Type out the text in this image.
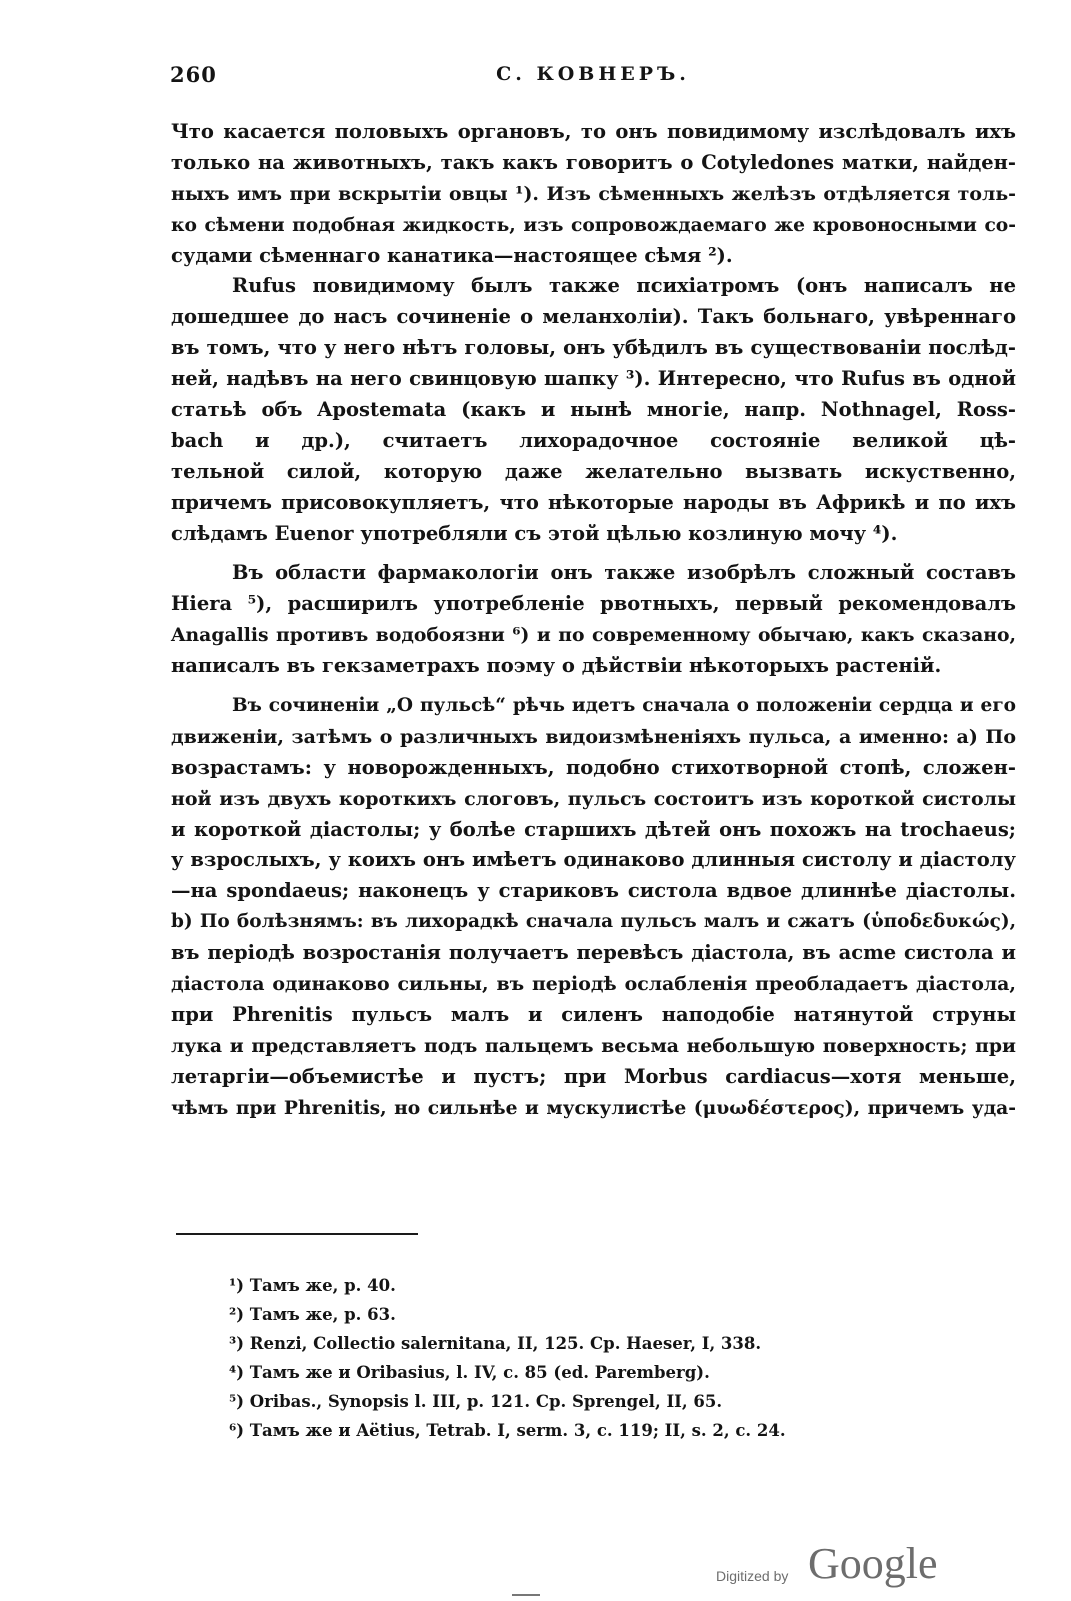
260	С. КОВНЕРЪ.
Что касается половыхъ органовъ, то онъ повидимому изслѣдовалъ ихъ
только на животныхъ, такъ какъ говоритъ о Cotyledones матки, найден-
ныхъ имъ при вскрытіи овцы ¹). Изъ сѣменныхъ желѣзъ отдѣляется толь-
ко сѣмени подобная жидкость, изъ сопровождаемаго же кровоносными со-
судами сѣменнаго канатика—настоящее сѣмя ²).
Rufus повидимому былъ также психіатромъ (онъ написалъ не
дошедшее до насъ сочиненіе о меланхоліи). Такъ больнаго, увѣреннаго
въ томъ, что у него нѣтъ головы, онъ убѣдилъ въ существованіи послѣд-
ней, надѣвъ на него свинцовую шапку ³). Интересно, что Rufus въ одной
статьѣ объ Apostemata (какъ и нынѣ многіе, напр. Nothnagel, Ross-
bach и др.), считаетъ лихорадочное состояніе великой цѣ-
тельной силой, которую даже желательно вызвать искуственно,
причемъ присовокупляетъ, что нѣкоторые народы въ Африкѣ и по ихъ
слѣдамъ Euenor употребляли съ этой цѣлью козлиную мочу ⁴).
Въ области фармакологіи онъ также изобрѣлъ сложный составъ
Hiera ⁵), расширилъ употребленіе рвотныхъ, первый рекомендовалъ
Anagallis противъ водобоязни ⁶) и по современному обычаю, какъ сказано,
написалъ въ гекзаметрахъ поэму о дѣйствіи нѣкоторыхъ растеній.
Въ сочиненіи „О пульсѣ“ рѣчь идетъ сначала о положеніи сердца и его
движеніи, затѣмъ о различныхъ видоизмѣненіяхъ пульса, а именно: a) По
возрастамъ: у новорожденныхъ, подобно стихотворной стопѣ, сложен-
ной изъ двухъ короткихъ слоговъ, пульсъ состоитъ изъ короткой систолы
и короткой діастолы; у болѣе старшихъ дѣтей онъ похожъ на trochaeus;
у взрослыхъ, у коихъ онъ имѣетъ одинаково длинныя систолу и діастолу
—на spondaeus; наконецъ у стариковъ систола вдвое длиннѣе діастолы.
b) По болѣзнямъ: въ лихорадкѣ сначала пульсъ малъ и сжатъ (ὑποδεδυκώς),
въ періодѣ возростанія получаетъ перевѣсъ діастола, въ acme систола и
діастола одинаково сильны, въ періодѣ ослабленія преобладаетъ діастола,
при Phrenitis пульсъ малъ и силенъ наподобіе натянутой струны
лука и представляетъ подъ пальцемъ весьма небольшую поверхность; при
летаргіи—объемистѣе и пустъ; при Morbus cardiacus—хотя меньше,
чѣмъ при Phrenitis, но сильнѣе и мускулистѣе (μυωδέστερος), причемъ уда-
¹) Тамъ же, p. 40.
²) Тамъ же, p. 63.
³) Renzi, Collectio salernitana, II, 125. Cp. Haeser, I, 338.
⁴) Тамъ же и Oribasius, l. IV, c. 85 (ed. Paremberg).
⁵) Oribas., Synopsis l. III, p. 121. Cp. Sprengel, II, 65.
⁶) Тамъ же и Aëtius, Tetrab. I, serm. 3, c. 119; II, s. 2, c. 24.
Digitized by Google
